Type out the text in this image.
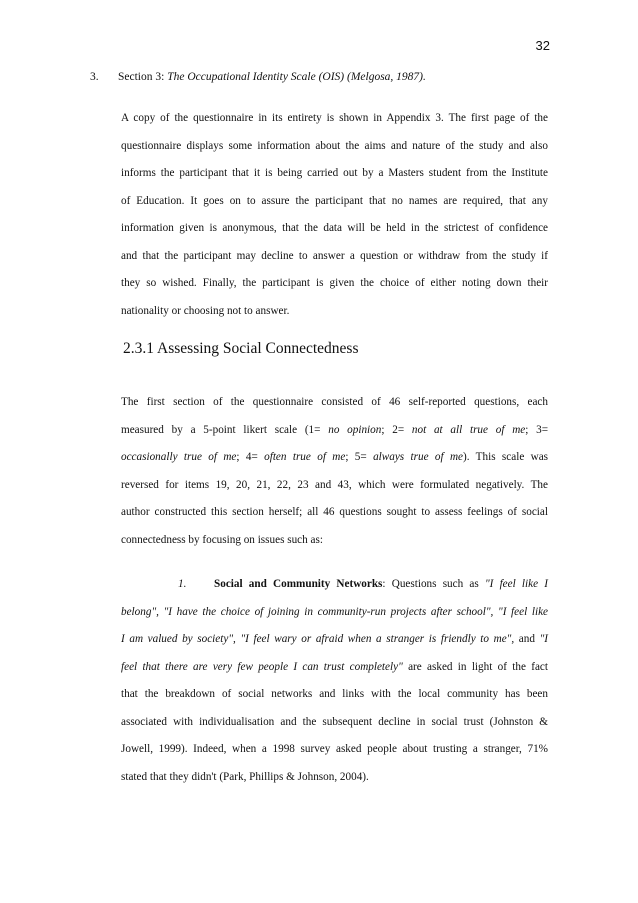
32
3. Section 3: The Occupational Identity Scale (OIS) (Melgosa, 1987).
A copy of the questionnaire in its entirety is shown in Appendix 3. The first page of the
questionnaire displays some information about the aims and nature of the study and also
informs the participant that it is being carried out by a Masters student from the Institute
of Education. It goes on to assure the participant that no names are required, that any
information given is anonymous, that the data will be held in the strictest of confidence
and that the participant may decline to answer a question or withdraw from the study if
they so wished. Finally, the participant is given the choice of either noting down their
nationality or choosing not to answer.
2.3.1 Assessing Social Connectedness
The first section of the questionnaire consisted of 46 self-reported questions, each
measured by a 5-point likert scale (1= no opinion; 2= not at all true of me; 3=
occasionally true of me; 4= often true of me; 5= always true of me). This scale was
reversed for items 19, 20, 21, 22, 23 and 43, which were formulated negatively. The
author constructed this section herself; all 46 questions sought to assess feelings of social
connectedness by focusing on issues such as:
1. Social and Community Networks: Questions such as "I feel like I
belong", "I have the choice of joining in community-run projects after school", "I feel like
I am valued by society", "I feel wary or afraid when a stranger is friendly to me", and "I
feel that there are very few people I can trust completely" are asked in light of the fact
that the breakdown of social networks and links with the local community has been
associated with individualisation and the subsequent decline in social trust (Johnston &
Jowell, 1999). Indeed, when a 1998 survey asked people about trusting a stranger, 71%
stated that they didn't (Park, Phillips & Johnson, 2004).
